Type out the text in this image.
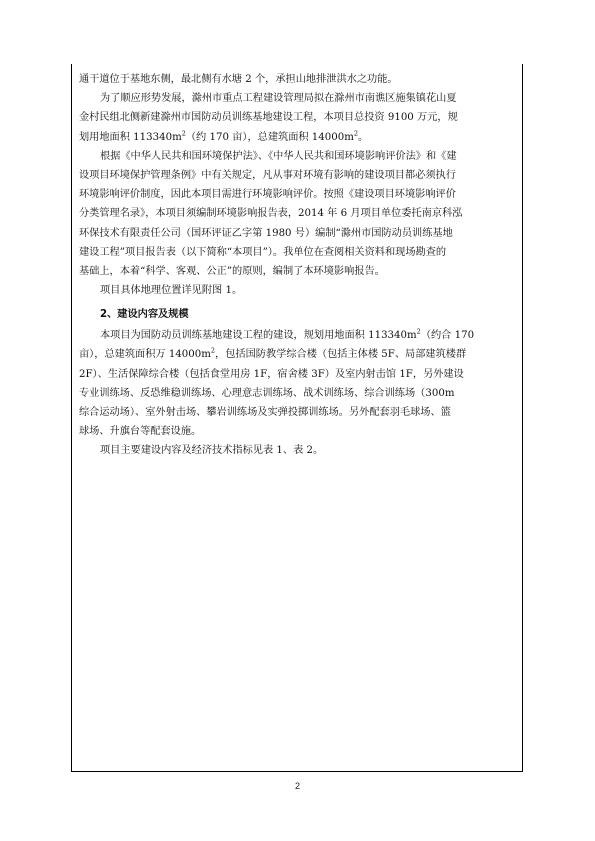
通干道位于基地东侧，最北侧有水塘 2 个，承担山地排泄洪水之功能。
为了顺应形势发展，滁州市重点工程建设管理局拟在滁州市南谯区施集镇花山夏
金村民组北侧新建滁州市国防动员训练基地建设工程，本项目总投资 9100 万元，规
划用地面积 $113340m^2$（约 170 亩），总建筑面积 $14000m^2$。
根据《中华人民共和国环境保护法》、《中华人民共和国环境影响评价法》和《建
设项目环境保护管理条例》中有关规定，凡从事对环境有影响的建设项目都必须执行
环境影响评价制度，因此本项目需进行环境影响评价。按照《建设项目环境影响评价
分类管理名录》，本项目须编制环境影响报告表，2014 年 6 月项目单位委托南京科泓
环保技术有限责任公司（国环评证乙字第 1980 号）编制“滁州市国防动员训练基地
建设工程”项目报告表（以下简称“本项目”）。我单位在查阅相关资料和现场勘查的
基础上，本着“科学、客观、公正”的原则，编制了本环境影响报告。
项目具体地理位置详见附图 1。
2、建设内容及规模
本项目为国防动员训练基地建设工程的建设，规划用地面积 $113340m^2$（约合 170
亩），总建筑面积万 $14000m^2$，包括国防教学综合楼（包括主体楼 5F、局部建筑楼群
2F）、生活保障综合楼（包括食堂用房 1F，宿舍楼 3F）及室内射击馆 1F，另外建设
专业训练场、反恐维稳训练场、心理意志训练场、战术训练场、综合训练场（300m
综合运动场）、室外射击场、攀岩训练场及实弹投掷训练场。另外配套羽毛球场、篮
球场、升旗台等配套设施。
项目主要建设内容及经济技术指标见表 1、表 2。
2
